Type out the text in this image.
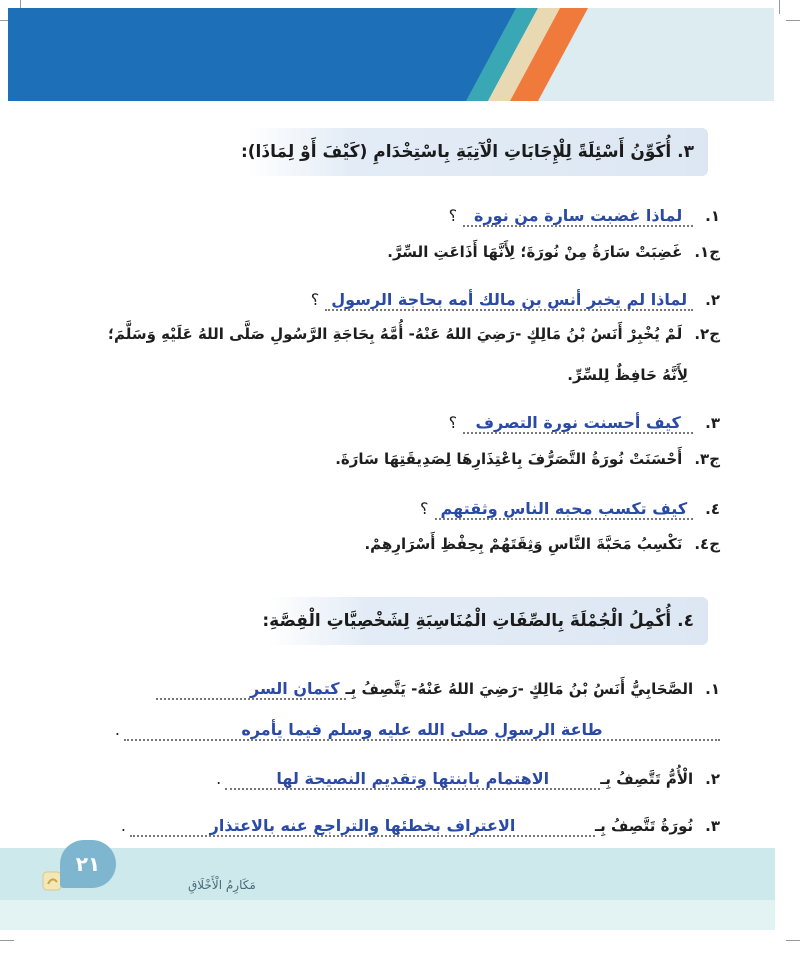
٣. أُكَوِّنُ أَسْئِلَةً لِلْإِجَابَاتِ الْآتِيَةِ بِاسْتِخْدَامِ (كَيْفَ أَوْ لِمَاذَا):
١.
لماذا غضبت سارة من نورة
؟
ج١.
غَضِبَتْ سَارَةُ مِنْ نُورَةَ؛ لِأَنَّهَا أَذَاعَتِ السِّرَّ.
٢.
لماذا لم يخبر أنس بن مالك أمه بحاجة الرسول
؟
ج٢.
لَمْ يُخْبِرْ أَنَسُ بْنُ مَالِكٍ -رَضِيَ اللهُ عَنْهُ- أُمَّهُ بِحَاجَةِ الرَّسُولِ صَلَّى اللهُ عَلَيْهِ وَسَلَّمَ؛
لِأَنَّهُ حَافِظٌ لِلسِّرِّ.
٣.
كيف أحسنت نورة التصرف
؟
ج٣.
أَحْسَنَتْ نُورَةُ التَّصَرُّفَ بِاعْتِذَارِهَا لِصَدِيقَتِهَا سَارَةَ.
٤.
كيف تكسب محبه الناس وثقتهم
؟
ج٤.
نَكْسِبُ مَحَبَّةَ النَّاسِ وَثِقَتَهُمْ بِحِفْظِ أَسْرَارِهِمْ.
٤. أُكْمِلُ الْجُمْلَةَ بِالصِّفَاتِ الْمُنَاسِبَةِ لِشَخْصِيَّاتِ الْقِصَّةِ:
١.
الصَّحَابِيُّ أَنَسُ بْنُ مَالِكٍ -رَضِيَ اللهُ عَنْهُ- يَتَّصِفُ بِـ
كتمان السر
طاعة الرسول صلى الله عليه وسلم فيما يأمره
.
٢.
الْأُمُّ تَتَّصِفُ بِـ
الاهتمام بابنتها وتقديم النصيحة لها
.
٣.
نُورَةُ تَتَّصِفُ بِـ
الاعتراف بخطئها والتراجع عنه بالاعتذار
.
٢١
مَكَارِمُ الْأَخْلَاقِ
